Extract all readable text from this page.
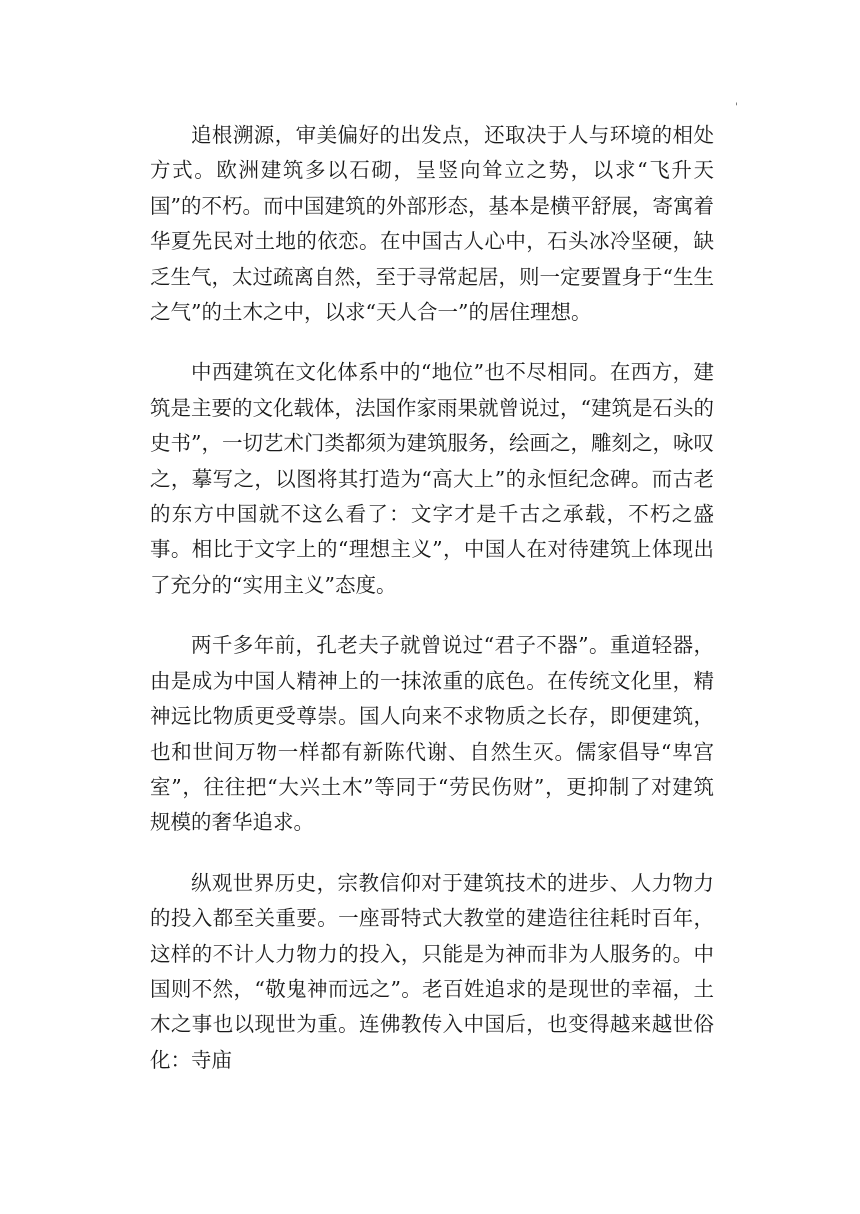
'

追根溯源，审美偏好的出发点，还取决于人与环境的相处方式。欧洲建筑多以石砌，呈竖向耸立之势，以求“飞升天国”的不朽。而中国建筑的外部形态，基本是横平舒展，寄寓着华夏先民对土地的依恋。在中国古人心中，石头冰冷坚硬，缺乏生气，太过疏离自然，至于寻常起居，则一定要置身于“生生之气”的土木之中，以求“天人合一”的居住理想。

中西建筑在文化体系中的“地位”也不尽相同。在西方，建筑是主要的文化载体，法国作家雨果就曾说过，“建筑是石头的史书”，一切艺术门类都须为建筑服务，绘画之，雕刻之，咏叹之，摹写之，以图将其打造为“高大上”的永恒纪念碑。而古老的东方中国就不这么看了：文字才是千古之承载，不朽之盛事。相比于文字上的“理想主义”，中国人在对待建筑上体现出了充分的“实用主义”态度。

两千多年前，孔老夫子就曾说过“君子不器”。重道轻器，由是成为中国人精神上的一抹浓重的底色。在传统文化里，精神远比物质更受尊崇。国人向来不求物质之长存，即便建筑，也和世间万物一样都有新陈代谢、自然生灭。儒家倡导“卑宫室”，往往把“大兴土木”等同于“劳民伤财”，更抑制了对建筑规模的奢华追求。

纵观世界历史，宗教信仰对于建筑技术的进步、人力物力的投入都至关重要。一座哥特式大教堂的建造往往耗时百年，这样的不计人力物力的投入，只能是为神而非为人服务的。中国则不然，“敬鬼神而远之”。老百姓追求的是现世的幸福，土木之事也以现世为重。连佛教传入中国后，也变得越来越世俗化：寺庙
